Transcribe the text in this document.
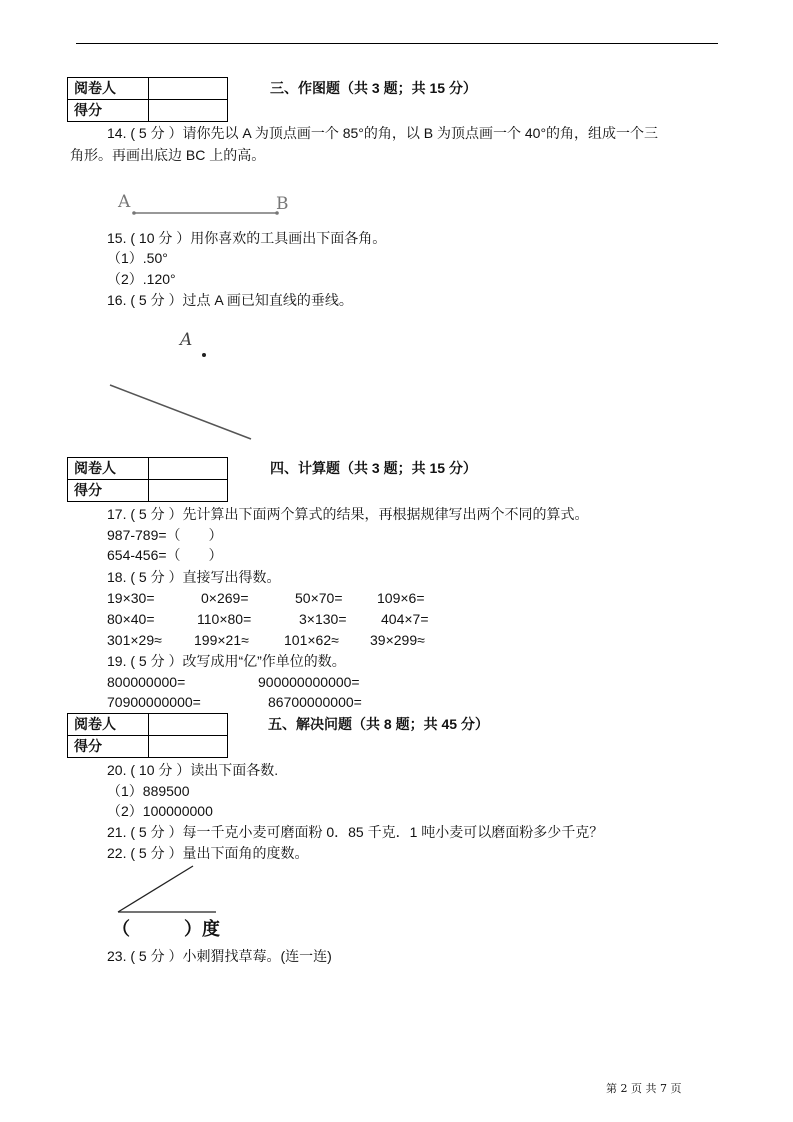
阅卷人	
得分	
三、作图题（共 3 题；共 15 分）
14. ( 5 分 ）请你先以 A 为顶点画一个 85°的角，以 B 为顶点画一个 40°的角，组成一个三
角形。再画出底边 BC 上的高。
A	B
15. ( 10 分 ）用你喜欢的工具画出下面各角。
（1）.50°
（2）.120°
16. ( 5 分 ）过点 A 画已知直线的垂线。
A
阅卷人	
得分	
四、计算题（共 3 题；共 15 分）
17. ( 5 分 ）先计算出下面两个算式的结果，再根据规律写出两个不同的算式。
987-789=（　　）
654-456=（　　）
18. ( 5 分 ）直接写出得数。
19×30=	0×269=	50×70= 109×6=
80×40=	110×80=	3×130= 404×7=
301×29≈ 199×21≈	101×62≈ 39×299≈
19. ( 5 分 ）改写成用“亿”作单位的数。
800000000=	900000000000=
70900000000=	86700000000=
阅卷人	
得分	
五、解决问题（共 8 题；共 45 分）
20. ( 10 分 ）读出下面各数.
（1）889500
（2）100000000
21. ( 5 分 ）每一千克小麦可磨面粉 0．85 千克．1 吨小麦可以磨面粉多少千克？
22. ( 5 分 ）量出下面角的度数。
（　　　）度
23. ( 5 分 ）小刺猬找草莓。(连一连)
第 2 页 共 7 页
